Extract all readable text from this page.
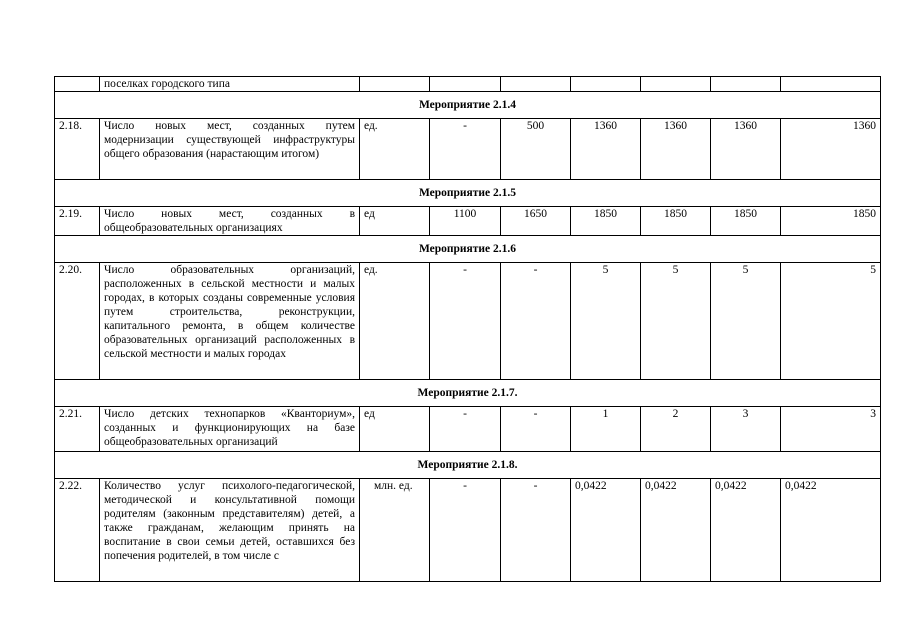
	поселках городского типа							
Мероприятие 2.1.4								
2.18.	Число новых мест, созданных путем модернизации существующей инфраструктуры общего образования (нарастающим итогом)	ед.	-	500	1360	1360	1360	1360
Мероприятие 2.1.5								
2.19.	Число новых мест, созданных в общеобразовательных организациях	ед	1100	1650	1850	1850	1850	1850
Мероприятие 2.1.6								
2.20.	Число образовательных организаций, расположенных в сельской местности и малых городах, в которых созданы современные условия путем строительства, реконструкции, капитального ремонта, в общем количестве образовательных организаций расположенных в сельской местности и малых городах	ед.	-	-	5	5	5	5
Мероприятие 2.1.7.								
2.21.	Число детских технопарков «Кванториум», созданных и функционирующих на базе общеобразовательных организаций	ед	-	-	1	2	3	3
Мероприятие 2.1.8.								
2.22.	Количество услуг психолого-педагогической, методической и консультативной помощи родителям (законным представителям) детей, а также гражданам, желающим принять на воспитание в свои семьи детей, оставшихся без попечения родителей, в том числе с	млн. ед.	-	-	0,0422	0,0422	0,0422	0,0422
